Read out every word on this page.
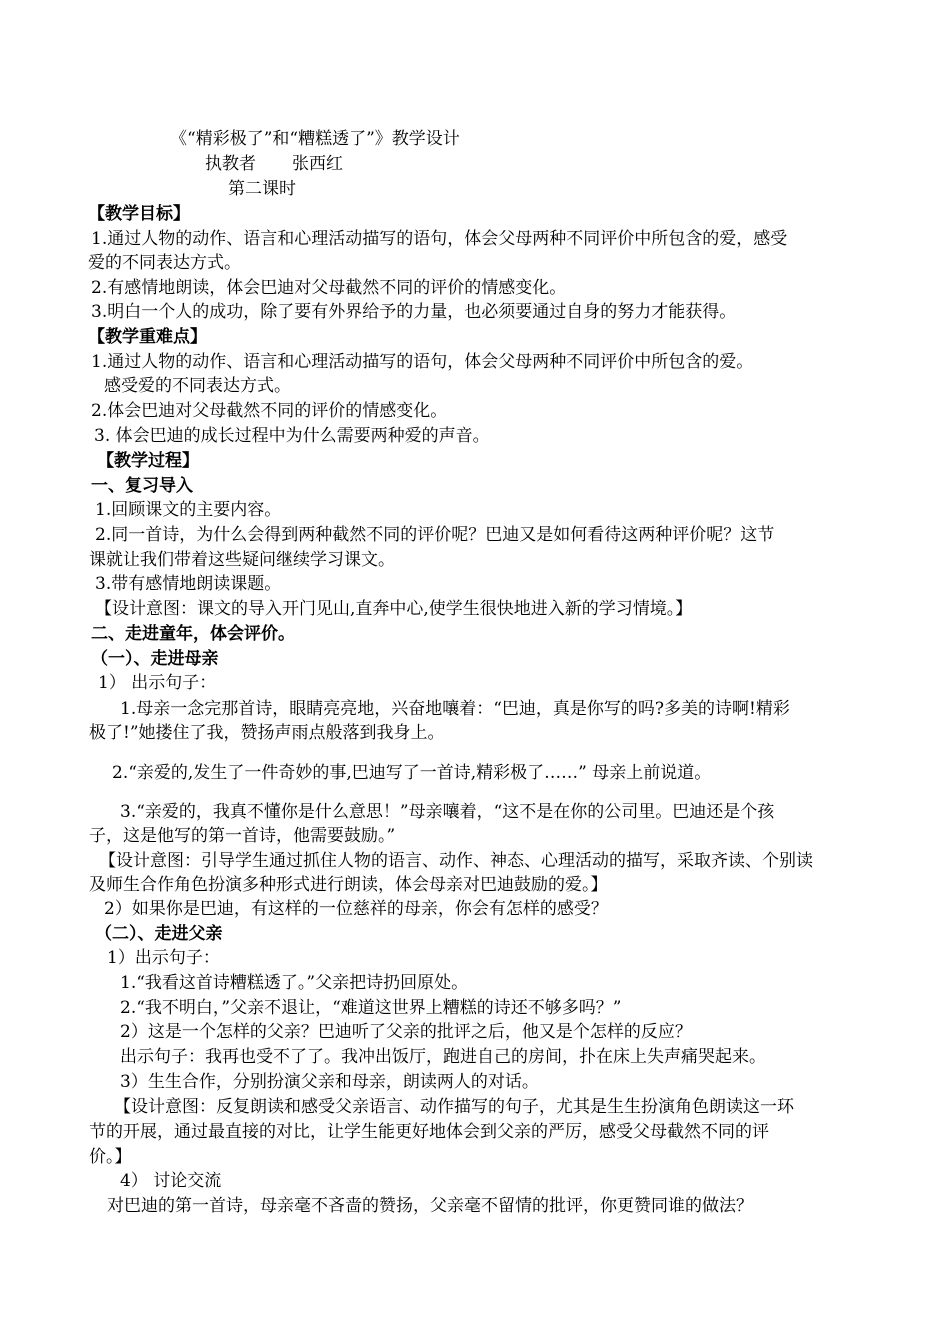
《“精彩极了”和“糟糕透了”》教学设计
执教者 张西红
第二课时
【教学目标】
1.通过人物的动作、语言和心理活动描写的语句，体会父母两种不同评价中所包含的爱，感受
爱的不同表达方式。
2.有感情地朗读，体会巴迪对父母截然不同的评价的情感变化。
3.明白一个人的成功，除了要有外界给予的力量，也必须要通过自身的努力才能获得。
【教学重难点】
1.通过人物的动作、语言和心理活动描写的语句，体会父母两种不同评价中所包含的爱。
感受爱的不同表达方式。
2.体会巴迪对父母截然不同的评价的情感变化。
3. 体会巴迪的成长过程中为什么需要两种爱的声音。
【教学过程】
一、复习导入
1.回顾课文的主要内容。
2.同一首诗，为什么会得到两种截然不同的评价呢？巴迪又是如何看待这两种评价呢？这节
课就让我们带着这些疑问继续学习课文。
3.带有感情地朗读课题。
【设计意图：课文的导入开门见山,直奔中心,使学生很快地进入新的学习情境。】
二、走进童年，体会评价。
（一）、走进母亲
1） 出示句子：
1.母亲一念完那首诗，眼睛亮亮地，兴奋地嚷着：“巴迪，真是你写的吗?多美的诗啊!精彩
极了!”她搂住了我，赞扬声雨点般落到我身上。
2.“亲爱的,发生了一件奇妙的事,巴迪写了一首诗,精彩极了……” 母亲上前说道。
3.“亲爱的，我真不懂你是什么意思！”母亲嚷着，“这不是在你的公司里。巴迪还是个孩
子，这是他写的第一首诗，他需要鼓励。”
【设计意图：引导学生通过抓住人物的语言、动作、神态、心理活动的描写，采取齐读、个别读
及师生合作角色扮演多种形式进行朗读，体会母亲对巴迪鼓励的爱。】
2）如果你是巴迪，有这样的一位慈祥的母亲，你会有怎样的感受？
（二）、走进父亲
1）出示句子：
1.“我看这首诗糟糕透了。”父亲把诗扔回原处。
2.“我不明白，”父亲不退让，“难道这世界上糟糕的诗还不够多吗？”
2）这是一个怎样的父亲？巴迪听了父亲的批评之后，他又是个怎样的反应？
出示句子：我再也受不了了。我冲出饭厅，跑进自己的房间，扑在床上失声痛哭起来。
3）生生合作，分别扮演父亲和母亲，朗读两人的对话。
【设计意图：反复朗读和感受父亲语言、动作描写的句子，尤其是生生扮演角色朗读这一环
节的开展，通过最直接的对比，让学生能更好地体会到父亲的严厉，感受父母截然不同的评
价。】
4） 讨论交流
对巴迪的第一首诗，母亲毫不吝啬的赞扬，父亲毫不留情的批评，你更赞同谁的做法？
